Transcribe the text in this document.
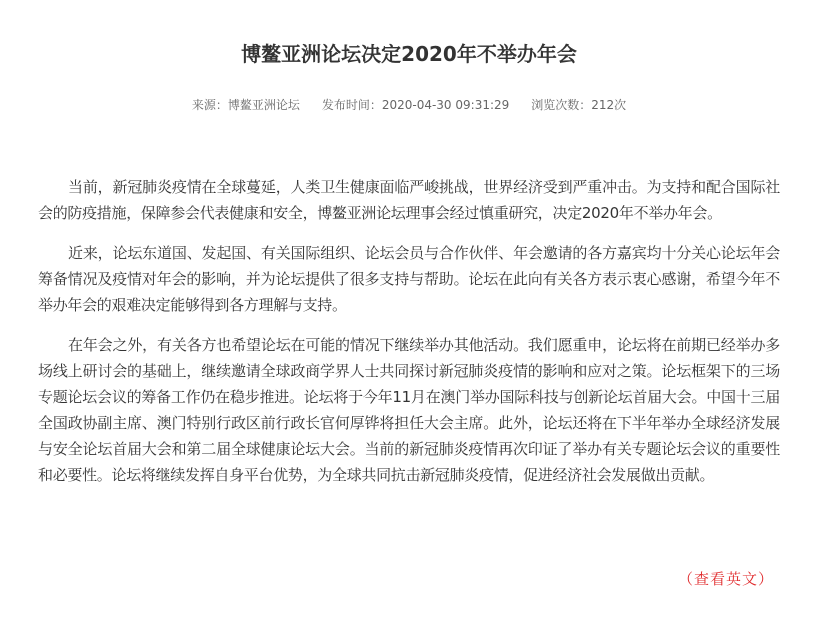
博鳌亚洲论坛决定2020年不举办年会
来源：博鳌亚洲论坛 发布时间：2020-04-30 09:31:29 浏览次数：212次

当前，新冠肺炎疫情在全球蔓延，人类卫生健康面临严峻挑战，世界经济受到严重冲击。为支持和配合国际社会的防疫措施，保障参会代表健康和安全，博鳌亚洲论坛理事会经过慎重研究，决定2020年不举办年会。

近来，论坛东道国、发起国、有关国际组织、论坛会员与合作伙伴、年会邀请的各方嘉宾均十分关心论坛年会筹备情况及疫情对年会的影响，并为论坛提供了很多支持与帮助。论坛在此向有关各方表示衷心感谢，希望今年不举办年会的艰难决定能够得到各方理解与支持。

在年会之外，有关各方也希望论坛在可能的情况下继续举办其他活动。我们愿重申，论坛将在前期已经举办多场线上研讨会的基础上，继续邀请全球政商学界人士共同探讨新冠肺炎疫情的影响和应对之策。论坛框架下的三场专题论坛会议的筹备工作仍在稳步推进。论坛将于今年11月在澳门举办国际科技与创新论坛首届大会。中国十三届全国政协副主席、澳门特别行政区前行政长官何厚铧将担任大会主席。此外，论坛还将在下半年举办全球经济发展与安全论坛首届大会和第二届全球健康论坛大会。当前的新冠肺炎疫情再次印证了举办有关专题论坛会议的重要性和必要性。论坛将继续发挥自身平台优势，为全球共同抗击新冠肺炎疫情，促进经济社会发展做出贡献。

（查看英文）
